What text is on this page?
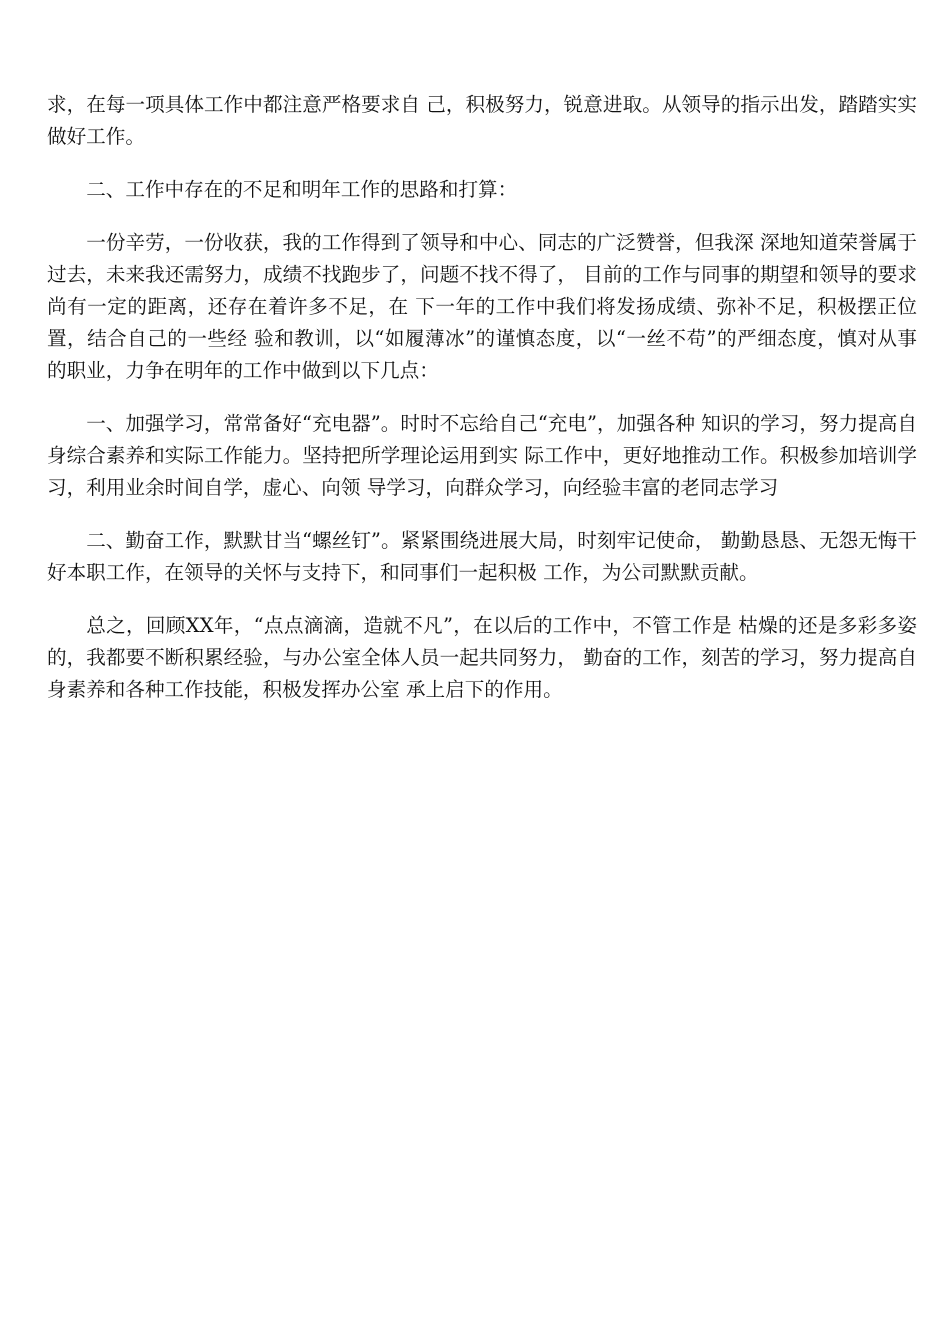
求，在每一项具体工作中都注意严格要求自 己，积极努力，锐意进取。从领导的指示出发，踏踏实实做好工作。

二、工作中存在的不足和明年工作的思路和打算：

一份辛劳，一份收获，我的工作得到了领导和中心、同志的广泛赞誉，但我深 深地知道荣誉属于过去，未来我还需努力，成绩不找跑步了，问题不找不得了， 目前的工作与同事的期望和领导的要求尚有一定的距离，还存在着许多不足，在 下一年的工作中我们将发扬成绩、弥补不足，积极摆正位置，结合自己的一些经 验和教训，以“如履薄冰”的谨慎态度，以“一丝不苟”的严细态度，慎对从事 的职业，力争在明年的工作中做到以下几点：

一、加强学习，常常备好“充电器”。时时不忘给自己“充电”，加强各种 知识的学习，努力提高自身综合素养和实际工作能力。坚持把所学理论运用到实 际工作中，更好地推动工作。积极参加培训学习，利用业余时间自学，虚心、向领 导学习，向群众学习，向经验丰富的老同志学习

二、勤奋工作，默默甘当“螺丝钉”。紧紧围绕进展大局，时刻牢记使命， 勤勤恳恳、无怨无悔干好本职工作，在领导的关怀与支持下，和同事们一起积极 工作，为公司默默贡献。

总之，回顾XX年，“点点滴滴，造就不凡”，在以后的工作中，不管工作是 枯燥的还是多彩多姿的，我都要不断积累经验，与办公室全体人员一起共同努力， 勤奋的工作，刻苦的学习，努力提高自身素养和各种工作技能，积极发挥办公室 承上启下的作用。
